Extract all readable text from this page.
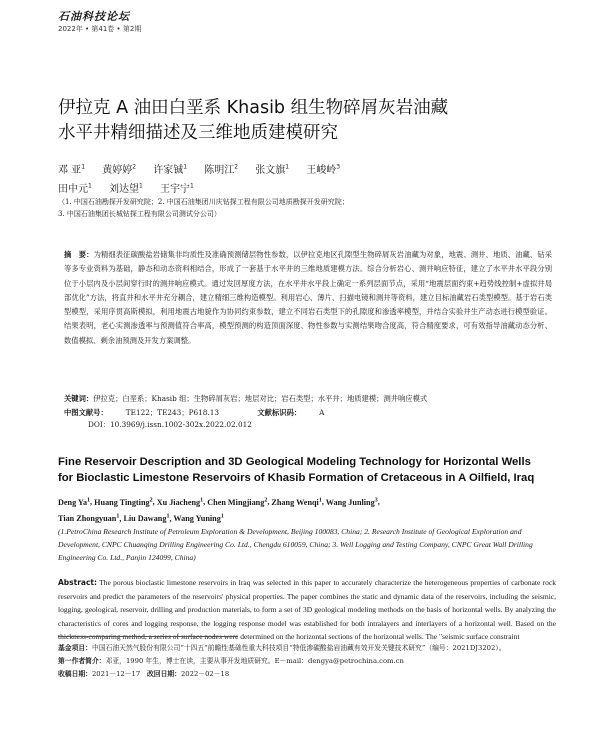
石油科技论坛
2022年 • 第41卷 • 第2期
伊拉克 A 油田白垩系 Khasib 组生物碎屑灰岩油藏
水平井精细描述及三维地质建模研究
邓 亚$^1$ 黄婷婷$^2$ 许家铖$^1$ 陈明江$^2$ 张文旗$^1$ 王峻岭$^3$
田中元$^1$ 刘达望$^1$ 王宇宁$^1$
（1. 中国石油勘探开发研究院；2. 中国石油集团川庆钻探工程有限公司地质勘探开发研究院；
3. 中国石油集团长城钻探工程有限公司测试分公司）
摘　要：为精细表征碳酸盐岩储集非均质性及准确预测储层物性参数，以伊拉克地区孔隙型生物碎屑灰岩油藏为对象，地震、测井、地质、油藏、钻采等多专业资料为基础，静态和动态资料相结合，形成了一套基于水平井的三维地质建模方法。综合分析岩心、测井响应特征，建立了水平井水平段分别位于小层内及小层间穿行时的测井响应模式。通过发回厚度方法，在水平井水平段上确定一系列层面节点，采用“地震层面约束+趋势线控制+虚拟井局部优化”方法，将直井和水平井充分耦合，建立精细三维构造模型。利用岩心、薄片、扫描电镜和测井等资料，建立目标油藏岩石类型模型。基于岩石类型模型，采用序贯高斯模拟，利用地震古地貌作为协同约束参数，建立不同岩石类型下的孔隙度和渗透率模型，并结合实验井生产动态进行模型验证。结果表明，老心实测渗透率与预测值符合率高，模型预测的构造顶面深度、物性参数与实测结果吻合度高，符合精度要求，可有效指导油藏动态分析、数值模拟、剩余油预测及开发方案调整。
关键词：伊拉克；白垩系；Khasib 组；生物碎屑灰岩；地层对比；岩石类型；水平井；地质建模；测井响应模式
中图文献号： TE122；TE243；P618.13	文献标识码： A
DOI：10.3969/j.issn.1002-302x.2022.02.012
Fine Reservoir Description and 3D Geological Modeling Technology for Horizontal Wells
for Bioclastic Limestone Reservoirs of Khasib Formation of Cretaceous in A Oilfield, Iraq
Deng Ya$^1$, Huang Tingting$^2$, Xu Jiacheng$^1$, Chen Mingjiang$^2$, Zhang Wenqi$^1$, Wang Junling$^3$,
Tian Zhongyuan$^1$, Liu Dawang$^1$, Wang Yuning$^1$
(1.PetroChina Research Institute of Petroleum Exploration & Development, Beijing 100083, China; 2. Research Institute of Geological Exploration and Development, CNPC Chuanqing Drilling Engineering Co. Ltd., Chengdu 610059, China; 3. Well Logging and Testing Company, CNPC Great Wall Drilling Engineering Co. Ltd., Panjin 124099, China)
Abstract: The porous bioclastic limestone reservoirs in Iraq was selected in this paper to accurately characterize the heterogeneous properties of carbonate rock reservoirs and predict the parameters of the reservoirs' physical properties. The paper combines the static and dynamic data of the reservoirs, including the seismic, logging, geological, reservoir, drilling and production materials, to form a set of 3D geological modeling methods on the basis of horizontal wells. By analyzing the characteristics of cores and logging response, the logging response model was established for both intralayers and interlayers of a horizontal well. Based on the thickness-comparing method, a series of surface nodes were determined on the horizontal sections of the horizontal wells. The "seismic surface constraint
基金项目：中国石油天然气股份有限公司“十四五”前瞻性基础性重大科技项目“特低渗碳酸盐岩油藏有效开发关键技术研究”（编号：2021DJ3202）。
第一作者简介：邓亚，1990 年生，博士在读，主要从事开发地质研究。E－mail：dengya@petrochina.com.cn
收稿日期：2021－12－17　 改回日期：2022－02－18
